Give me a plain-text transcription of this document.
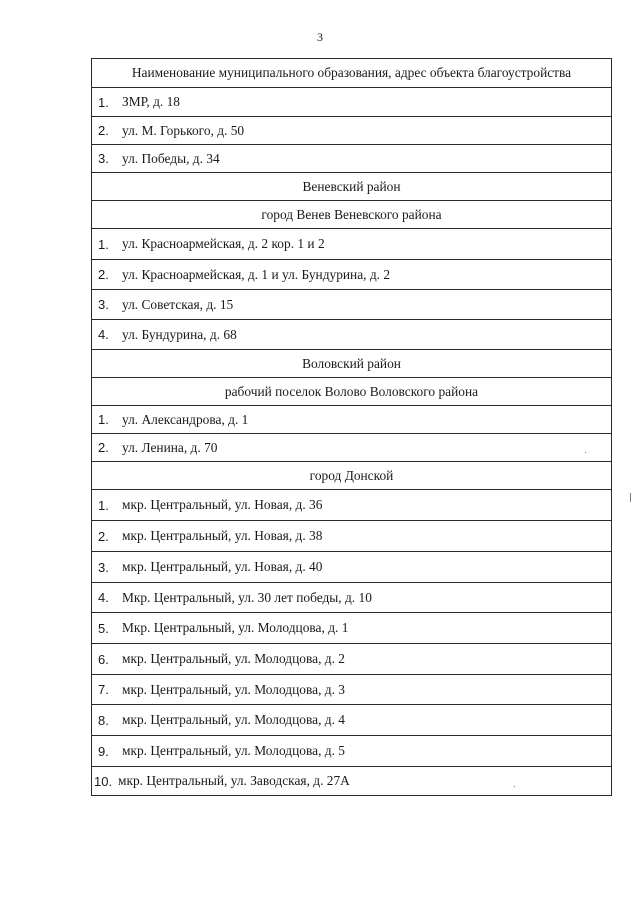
3
Наименование муниципального образования, адрес объекта благоустройства
1. ЗМР, д. 18
2. ул. М. Горького, д. 50
3. ул. Победы, д. 34
Веневский район
город Венев Веневского района
1. ул. Красноармейская, д. 2 кор. 1 и 2
2. ул. Красноармейская, д. 1 и ул. Бундурина, д. 2
3. ул. Советская, д. 15
4. ул. Бундурина, д. 68
Воловский район
рабочий поселок Волово Воловского района
1. ул. Александрова, д. 1
2. ул. Ленина, д. 70
город Донской
1. мкр. Центральный, ул. Новая, д. 36
2. мкр. Центральный, ул. Новая, д. 38
3. мкр. Центральный, ул. Новая, д. 40
4. Мкр. Центральный, ул. 30 лет победы, д. 10
5. Мкр. Центральный, ул. Молодцова, д. 1
6. мкр. Центральный, ул. Молодцова, д. 2
7. мкр. Центральный, ул. Молодцова, д. 3
8. мкр. Центральный, ул. Молодцова, д. 4
9. мкр. Центральный, ул. Молодцова, д. 5
10. мкр. Центральный, ул. Заводская, д. 27А
